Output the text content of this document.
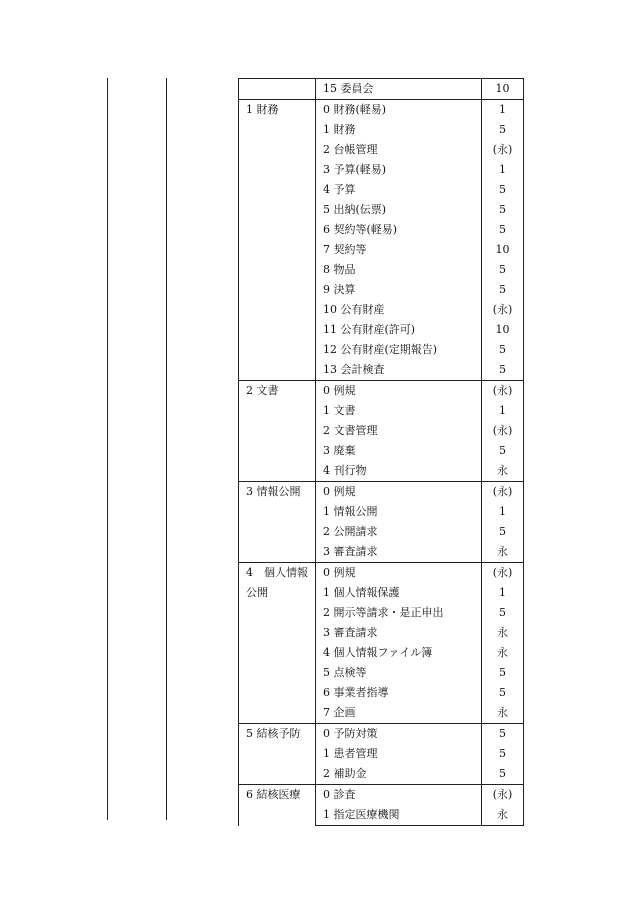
	15 委員会	10

1 財務	0 財務(軽易)	1
	1 財務	5
	2 台帳管理	(永)
	3 予算(軽易)	1
	4 予算	5
	5 出納(伝票)	5
	6 契約等(軽易)	5
	7 契約等	10
	8 物品	5
	9 決算	5
	10 公有財産	(永)
	11 公有財産(許可)	10
	12 公有財産(定期報告)	5
	13 会計検査	5

2 文書	0 例規	(永)
	1 文書	1
	2 文書管理	(永)
	3 廃棄	5
	4 刊行物	永

3 情報公開	0 例規	(永)
	1 情報公開	1
	2 公開請求	5
	3 審査請求	永

4　個人情報
公開	0 例規	(永)
	1 個人情報保護	1
	2 開示等請求・是正申出	5
	3 審査請求	永
	4 個人情報ファイル簿	永
	5 点検等	5
	6 事業者指導	5
	7 企画	永

5 結核予防	0 予防対策	5
	1 患者管理	5
	2 補助金	5

6 結核医療	0 診査	(永)
	1 指定医療機関	永
